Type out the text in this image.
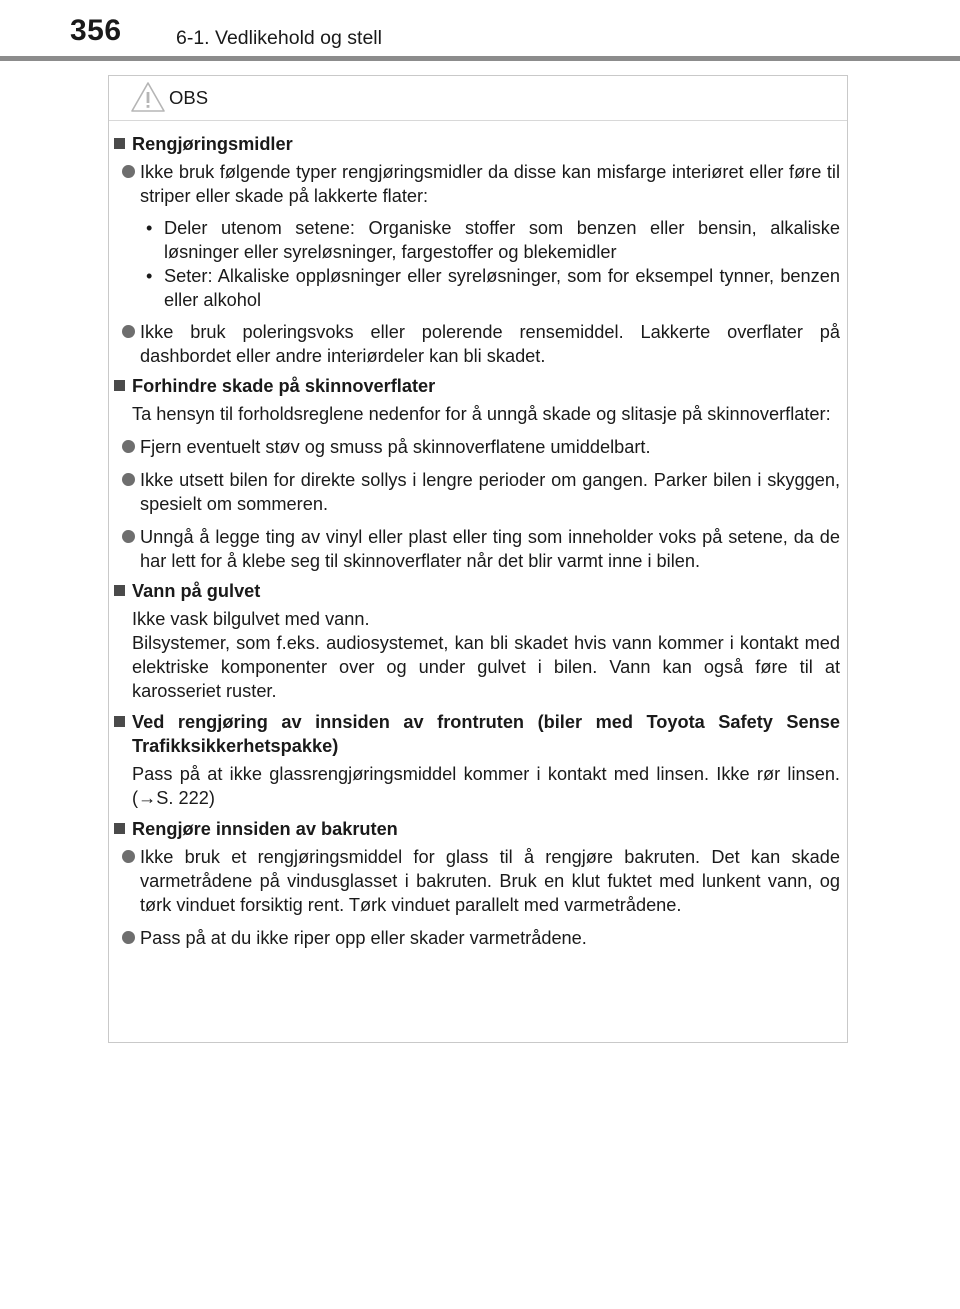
356	6-1. Vedlikehold og stell
OBS
Rengjøringsmidler
Ikke bruk følgende typer rengjøringsmidler da disse kan misfarge interiøret eller føre til striper eller skade på lakkerte flater:
• Deler utenom setene: Organiske stoffer som benzen eller bensin, alkaliske løsninger eller syreløsninger, fargestoffer og blekemidler
• Seter: Alkaliske oppløsninger eller syreløsninger, som for eksempel tynner, benzen eller alkohol
Ikke bruk poleringsvoks eller polerende rensemiddel. Lakkerte overflater på dashbordet eller andre interiørdeler kan bli skadet.
Forhindre skade på skinnoverflater
Ta hensyn til forholdsreglene nedenfor for å unngå skade og slitasje på skinnoverflater:
Fjern eventuelt støv og smuss på skinnoverflatene umiddelbart.
Ikke utsett bilen for direkte sollys i lengre perioder om gangen. Parker bilen i skyggen, spesielt om sommeren.
Unngå å legge ting av vinyl eller plast eller ting som inneholder voks på setene, da de har lett for å klebe seg til skinnoverflater når det blir varmt inne i bilen.
Vann på gulvet
Ikke vask bilgulvet med vann.
Bilsystemer, som f.eks. audiosystemet, kan bli skadet hvis vann kommer i kontakt med elektriske komponenter over og under gulvet i bilen. Vann kan også føre til at karosseriet ruster.
Ved rengjøring av innsiden av frontruten (biler med Toyota Safety Sense Trafikksikkerhetspakke)
Pass på at ikke glassrengjøringsmiddel kommer i kontakt med linsen. Ikke rør linsen. (→S. 222)
Rengjøre innsiden av bakruten
Ikke bruk et rengjøringsmiddel for glass til å rengjøre bakruten. Det kan skade varmetrådene på vindusglasset i bakruten. Bruk en klut fuktet med lunkent vann, og tørk vinduet forsiktig rent. Tørk vinduet parallelt med varmetrådene.
Pass på at du ikke riper opp eller skader varmetrådene.
